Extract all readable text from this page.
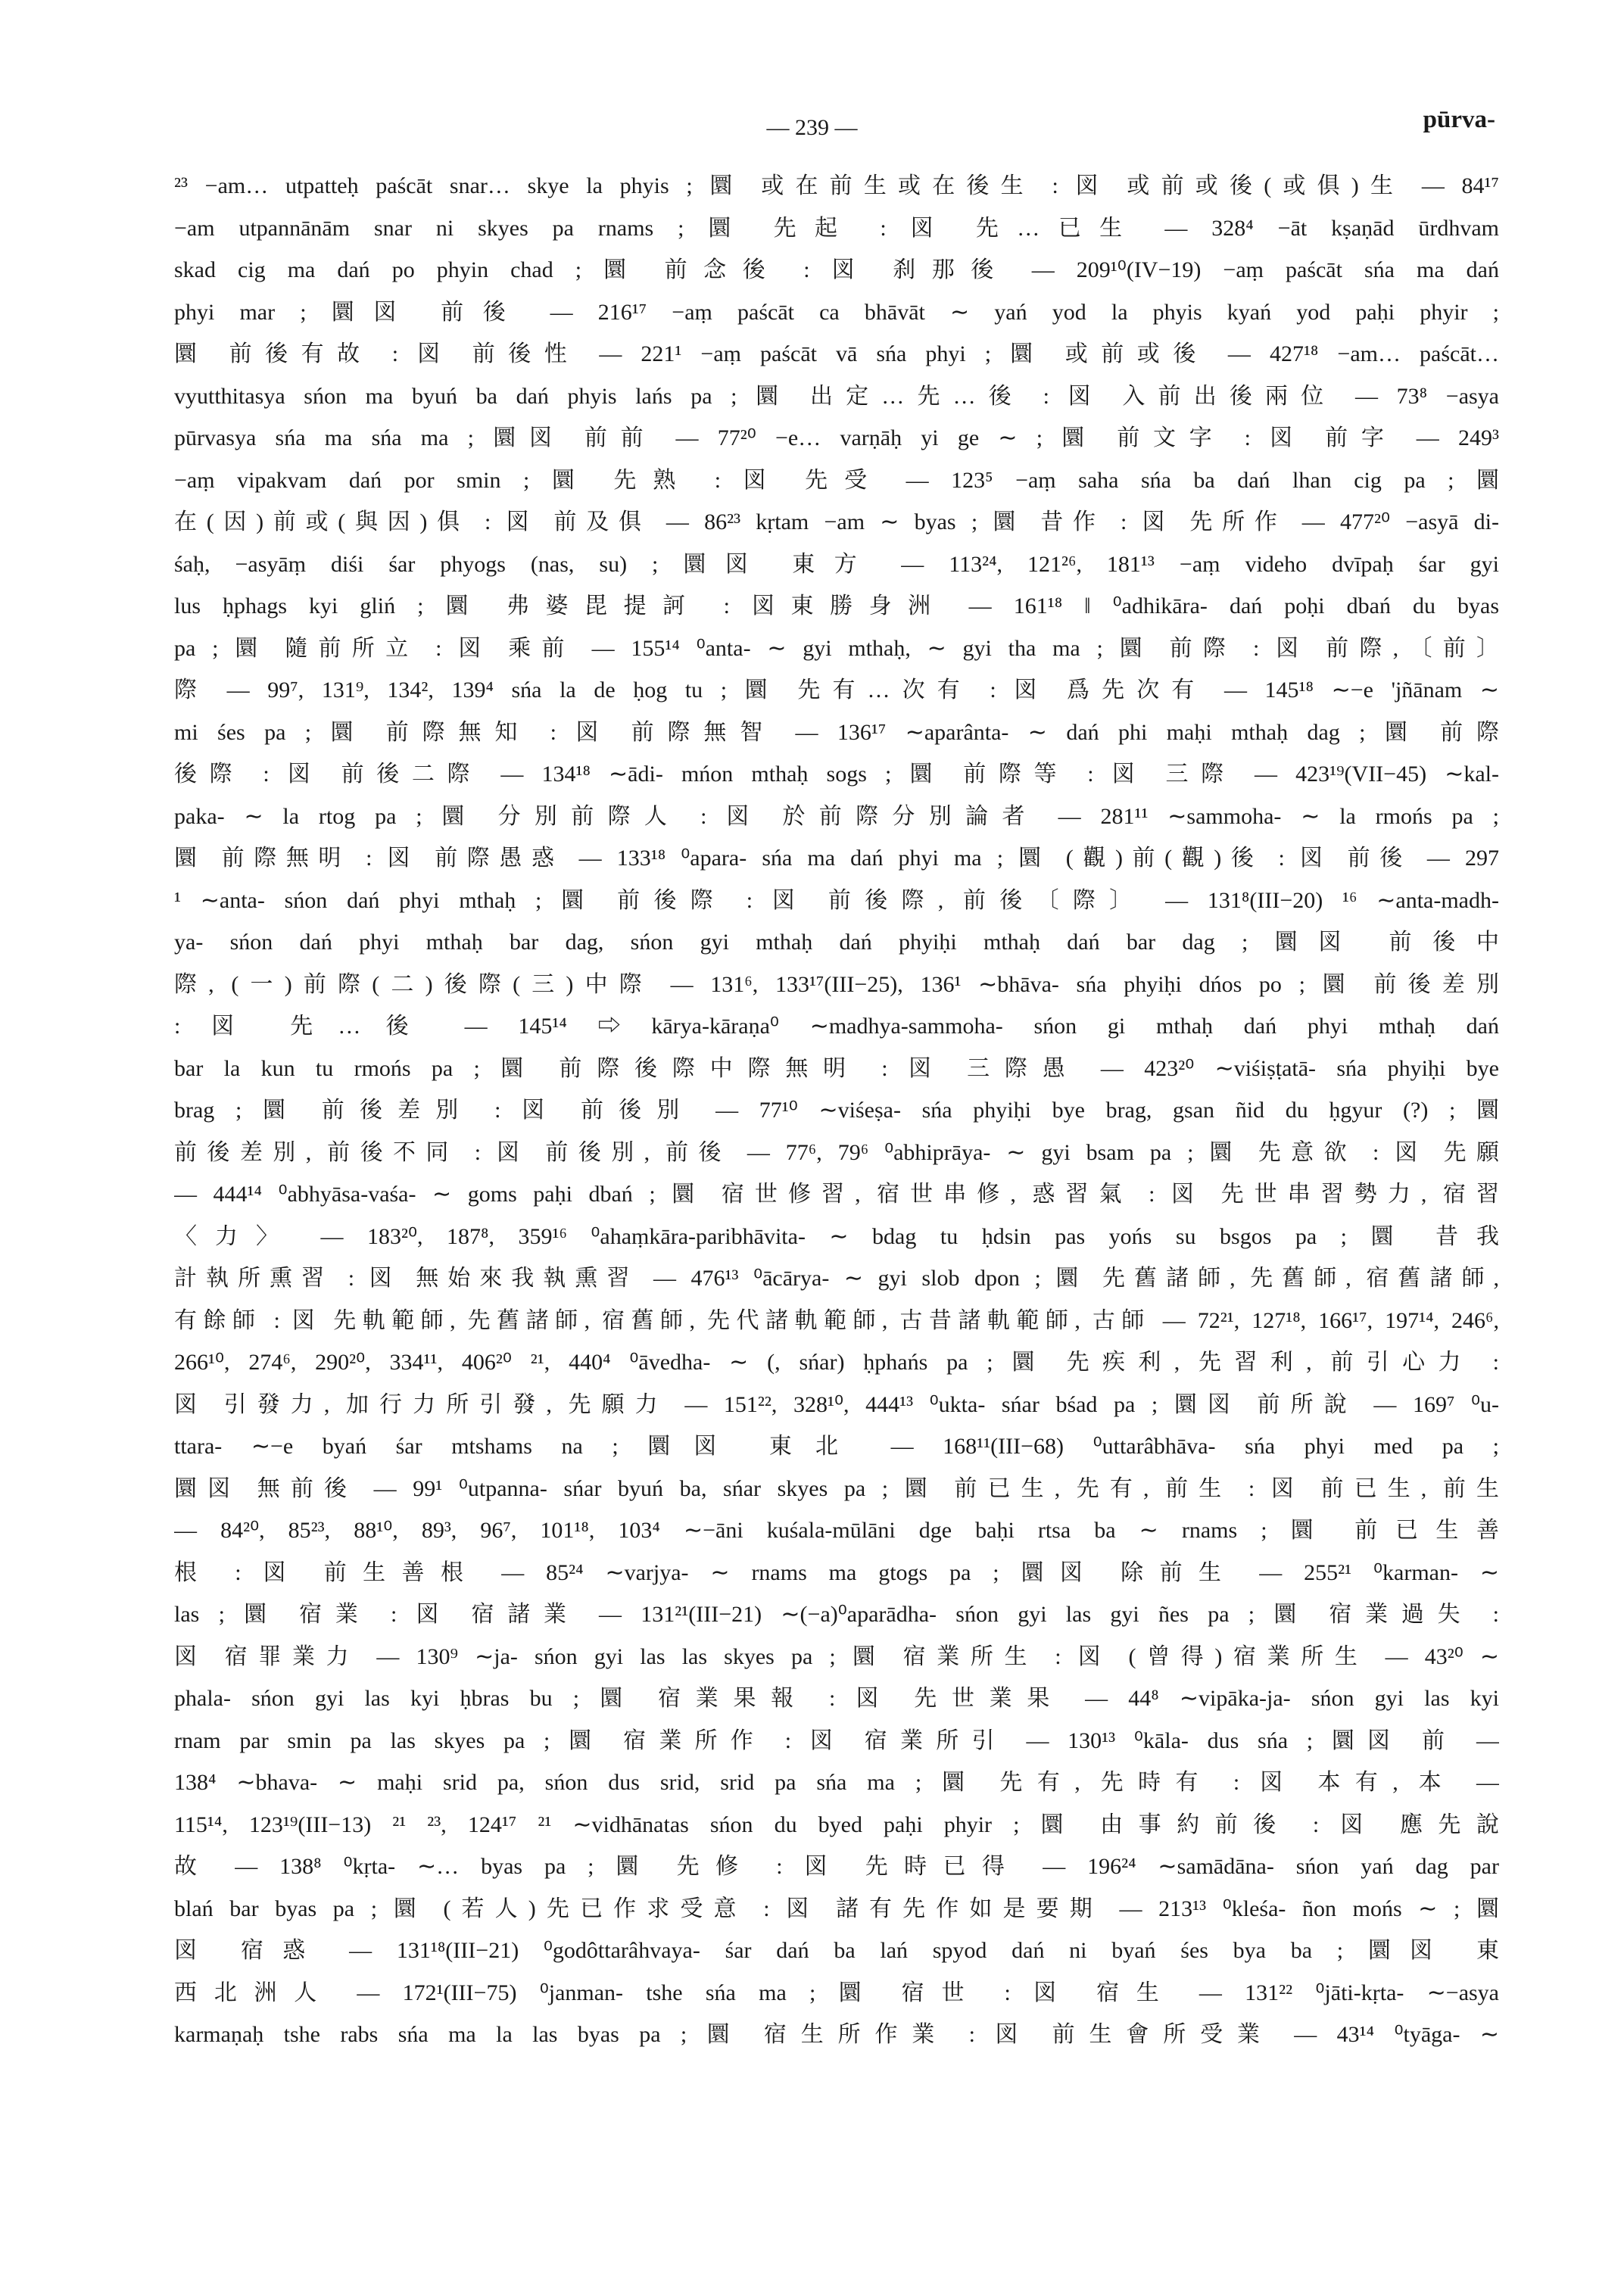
— 239 —	pūrva-
²³ −am… utpatteḥ paścāt snar… skye la phyis ; 圜 或在前生或在後生 : 図 或前或後(或俱)生 — 84¹⁷
−am utpannānām snar ni skyes pa rnams ; 圜 先起 : 図 先…已生 — 328⁴ −āt kṣaṇād ūrdhvam
skad cig ma dań po phyin chad ; 圜 前念後 : 図 刹那後 — 209¹⁰(IV−19) −aṃ paścāt sńa ma dań
phyi mar ; 圜図 前後 — 216¹⁷ −aṃ paścāt ca bhāvāt ∼ yań yod la phyis kyań yod paḥi phyir ;
圜 前後有故 : 図 前後性 — 221¹ −aṃ paścāt vā sńa phyi ; 圜 或前或後 — 427¹⁸ −am… paścāt…
vyutthitasya sńon ma byuń ba dań phyis lańs pa ; 圜 出定…先…後 : 図 入前出後兩位 — 73⁸ −asya
pūrvasya sńa ma sńa ma ; 圜図 前前 — 77²⁰ −e… varṇāḥ yi ge ∼ ; 圜 前文字 : 図 前字 — 249³
−aṃ vipakvam dań por smin ; 圜 先熟 : 図 先受 — 123⁵ −aṃ saha sńa ba dań lhan cig pa ; 圜
在(因)前或(與因)俱 : 図 前及俱 — 86²³ kṛtam −am ∼ byas ; 圜 昔作 : 図 先所作 — 477²⁰ −asyā di-
śaḥ, −asyāṃ diśi śar phyogs (nas, su) ; 圜図 東方 — 113²⁴, 121²⁶, 181¹³ −aṃ videho dvīpaḥ śar gyi
lus ḥphags kyi gliń ; 圜 弗婆毘提訶 : 図東勝身洲 — 161¹⁸ ‖ ⁰adhikāra- dań poḥi dbań du byas
pa ; 圜 隨前所立 : 図 乘前 — 155¹⁴ ⁰anta- ∼ gyi mthaḥ, ∼ gyi tha ma ; 圜 前際 : 図 前際,〔前〕
際 — 99⁷, 131⁹, 134², 139⁴ sńa la de ḥog tu ; 圜 先有…次有 : 図 爲先次有 — 145¹⁸ ∼−e 'jñānam ∼
mi śes pa ; 圜 前際無知 : 図 前際無智 — 136¹⁷ ∼aparânta- ∼ dań phi maḥi mthaḥ dag ; 圜 前際
後際 : 図 前後二際 — 134¹⁸ ∼ādi- mńon mthaḥ sogs ; 圜 前際等 : 図 三際 — 423¹⁹(VII−45) ∼kal-
paka- ∼ la rtog pa ; 圜 分別前際人 : 図 於前際分別論者 — 281¹¹ ∼sammoha- ∼ la rmońs pa ;
圜 前際無明 : 図 前際愚惑 — 133¹⁸ ⁰apara- sńa ma dań phyi ma ; 圜 (觀)前(觀)後 : 図 前後 — 297
¹ ∼anta- sńon dań phyi mthaḥ ; 圜 前後際 : 図 前後際, 前後〔際〕 — 131⁸(III−20) ¹⁶ ∼anta-madh-
ya- sńon dań phyi mthaḥ bar dag, sńon gyi mthaḥ dań phyiḥi mthaḥ dań bar dag ; 圜図 前後中
際, (一)前際(二)後際(三)中際 — 131⁶, 133¹⁷(III−25), 136¹ ∼bhāva- sńa phyiḥi dńos po ; 圜 前後差別
: 図 先…後 — 145¹⁴ ⇨ kārya-kāraṇa⁰ ∼madhya-sammoha- sńon gi mthaḥ dań phyi mthaḥ dań
bar la kun tu rmońs pa ; 圜 前際後際中際無明 : 図 三際愚 — 423²⁰ ∼viśiṣṭatā- sńa phyiḥi bye
brag ; 圜 前後差別 : 図 前後別 — 77¹⁰ ∼viśeṣa- sńa phyiḥi bye brag, gsan ñid du ḥgyur (?) ; 圜
前後差別, 前後不同 : 図 前後別, 前後 — 77⁶, 79⁶ ⁰abhiprāya- ∼ gyi bsam pa ; 圜 先意欲 : 図 先願
— 444¹⁴ ⁰abhyāsa-vaśa- ∼ goms paḥi dbań ; 圜 宿世修習, 宿世串修, 惑習氣 : 図 先世串習勢力, 宿習
〈力〉 — 183²⁰, 187⁸, 359¹⁶ ⁰ahaṃkāra-paribhāvita- ∼ bdag tu ḥdsin pas yońs su bsgos pa ; 圜 昔我
計執所熏習 : 図 無始來我執熏習 — 476¹³ ⁰ācārya- ∼ gyi slob dpon ; 圜 先舊諸師, 先舊師, 宿舊諸師,
有餘師 : 図 先軌範師, 先舊諸師, 宿舊師, 先代諸軌範師, 古昔諸軌範師, 古師 — 72²¹, 127¹⁸, 166¹⁷, 197¹⁴, 246⁶,
266¹⁰, 274⁶, 290²⁰, 334¹¹, 406²⁰ ²¹, 440⁴ ⁰āvedha- ∼ (, sńar) ḥphańs pa ; 圜 先疾利, 先習利, 前引心力 :
図 引發力, 加行力所引發, 先願力 — 151²², 328¹⁰, 444¹³ ⁰ukta- sńar bśad pa ; 圜図 前所說 — 169⁷ ⁰u-
ttara- ∼−e byań śar mtshams na ; 圜図 東北 — 168¹¹(III−68) ⁰uttarâbhāva- sńa phyi med pa ;
圜図 無前後 — 99¹ ⁰utpanna- sńar byuń ba, sńar skyes pa ; 圜 前已生, 先有, 前生 : 図 前已生, 前生
— 84²⁰, 85²³, 88¹⁰, 89³, 96⁷, 101¹⁸, 103⁴ ∼−āni kuśala-mūlāni dge baḥi rtsa ba ∼ rnams ; 圜 前已生善
根 : 図 前生善根 — 85²⁴ ∼varjya- ∼ rnams ma gtogs pa ; 圜図 除前生 — 255²¹ ⁰karman- ∼
las ; 圜 宿業 : 図 宿諸業 — 131²¹(III−21) ∼(−a)⁰aparādha- sńon gyi las gyi ñes pa ; 圜 宿業過失 :
図 宿罪業力 — 130⁹ ∼ja- sńon gyi las las skyes pa ; 圜 宿業所生 : 図 (曾得)宿業所生 — 43²⁰ ∼
phala- sńon gyi las kyi ḥbras bu ; 圜 宿業果報 : 図 先世業果 — 44⁸ ∼vipāka-ja- sńon gyi las kyi
rnam par smin pa las skyes pa ; 圜 宿業所作 : 図 宿業所引 — 130¹³ ⁰kāla- dus sńa ; 圜図 前 —
138⁴ ∼bhava- ∼ maḥi srid pa, sńon dus srid, srid pa sńa ma ; 圜 先有, 先時有 : 図 本有, 本 —
115¹⁴, 123¹⁹(III−13) ²¹ ²³, 124¹⁷ ²¹ ∼vidhānatas sńon du byed paḥi phyir ; 圜 由事約前後 : 図 應先說
故 — 138⁸ ⁰kṛta- ∼… byas pa ; 圜 先修 : 図 先時已得 — 196²⁴ ∼samādāna- sńon yań dag par
blań bar byas pa ; 圜 (若人)先已作求受意 : 図 諸有先作如是要期 — 213¹³ ⁰kleśa- ñon mońs ∼ ; 圜
図 宿惑 — 131¹⁸(III−21) ⁰godôttarâhvaya- śar dań ba lań spyod dań ni byań śes bya ba ; 圜図 東
西北洲人 — 172¹(III−75) ⁰janman- tshe sńa ma ; 圜 宿世 : 図 宿生 — 131²² ⁰jāti-kṛta- ∼−asya
karmaṇaḥ tshe rabs sńa ma la las byas pa ; 圜 宿生所作業 : 図 前生會所受業 — 43¹⁴ ⁰tyāga- ∼
